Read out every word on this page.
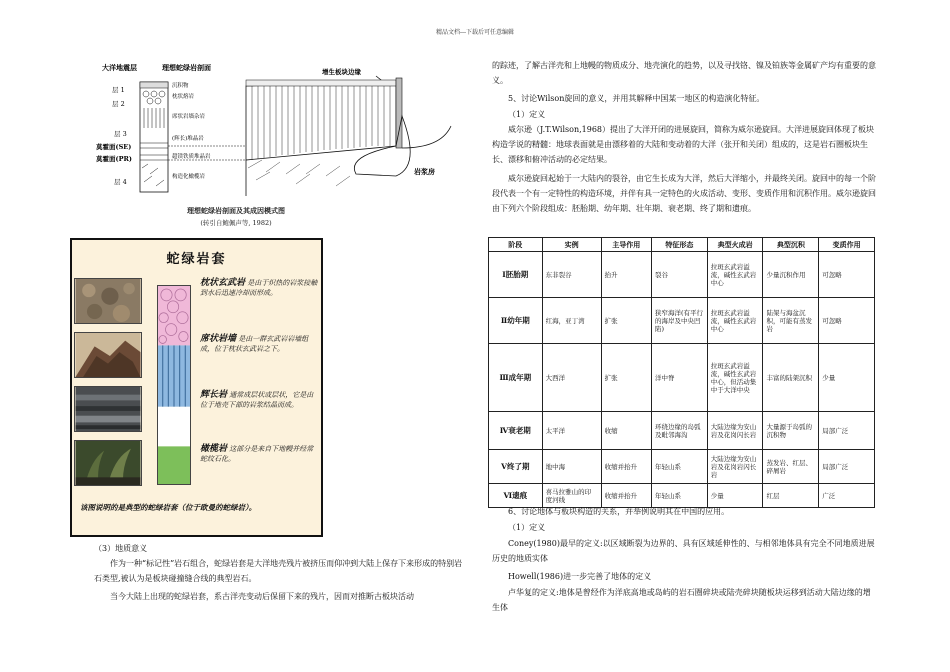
精品文档---下载后可任意编辑
大洋地震层	理想蛇绿岩剖面	增生板块边缘
层 1
层 2
层 3
莫霍面(SE)
莫霍面(PR)
层 4
沉积物
枕状熔岩
席状岩墙杂岩
(辉长)堆晶岩
超镁铁质堆晶岩
构造化橄榄岩
岩浆房
理想蛇绿岩剖面及其成因模式图
(转引自鲍佩声等, 1982)
蛇绿岩套
枕状玄武岩 是由于炽热的岩浆接触到水后迅速冷却而形成。
席状岩墙 是由一群玄武岩岩墙组成，位于枕状玄武岩之下。
辉长岩 通常成层状或层状，它是由位于地壳下部的岩浆结晶而成。
橄榄岩 这部分是来自下地幔并经常蛇纹石化。
该图说明的是典型的蛇绿岩套（位于欧曼的蛇绿岩）。
（3）地质意义
作为一种“标记性”岩石组合，蛇绿岩套是大洋地壳残片被挤压而仰冲到大陆上保存下来形成的特别岩石类型,被认为是板块碰撞缝合线的典型岩石。
当今大陆上出现的蛇绿岩套，系古洋壳变动后保留下来的残片，因而对推断古板块活动
的踪迹，了解古洋壳和上地幔的物质成分、地壳演化的趋势，以及寻找铬、镍及铂族等金属矿产均有重要的意义。
5、讨论Wilson旋回的意义，并用其解释中国某一地区的构造演化特征。
（1）定义
威尔逊（J.T.Wilson,1968）提出了大洋开闭的进展旋回，简称为威尔逊旋回。大洋进展旋回体现了板块构造学说的精髓：地球表面就是由漂移着的大陆和变动着的大洋（张开和关闭）组成的，这是岩石圈板块生长、漂移和俯冲活动的必定结果。
威尔逊旋回起始于一大陆内的裂谷，由它生长成为大洋，然后大洋缩小，并最终关闭。旋回中的每一个阶段代表一个有一定特性的构造环境，并伴有具一定特色的火成活动、变形、变质作用和沉积作用。威尔逊旋回由下列六个阶段组成：胚胎期、幼年期、壮年期、衰老期、终了期和遗痕。
阶段	实例	主导作用	特征形态	典型火成岩	典型沉积	变质作用
Ⅰ胚胎期	东非裂谷	抬升	裂谷	拉斑玄武岩溢流，碱性玄武岩中心	少量沉积作用	可忽略
Ⅱ幼年期	红海，亚丁湾	扩张	狭窄海洋(有平行的海岸及中央凹陷)	拉斑玄武岩溢流，碱性玄武岩中心	陆架与海盆沉积，可能有蒸发岩	可忽略
Ⅲ成年期	大西洋	扩张	洋中脊	拉斑玄武岩溢流，碱性玄武岩中心，但活动集中于大洋中央	丰富的陆架沉积	少量
Ⅳ衰老期	太平洋	收缩	环绕边缘的岛弧及毗邻海沟	大陆边缘为安山岩及花岗闪长岩	大量源于岛弧的沉积物	局部广泛
Ⅴ终了期	地中海	收缩并抬升	年轻山系	大陆边缘为安山岩及花岗岩闪长岩	蒸发岩、红层、碎屑岩	局部广泛
Ⅵ遗痕	喜马拉雅山的印度河线	收缩并抬升	年轻山系	少量	红层	广泛
6、讨论地体与板块构造的关系，并举例说明其在中国的应用。
（1）定义
Coney(1980)最早的定义:以区域断裂为边界的、具有区域延伸性的、与相邻地体具有完全不同地质进展历史的地质实体
Howell(1986)进一步完善了地体的定义
卢华复的定义:地体是曾经作为洋底高地或岛屿的岩石圈碎块或陆壳碎块随板块运移到活动大陆边缘的增生体
